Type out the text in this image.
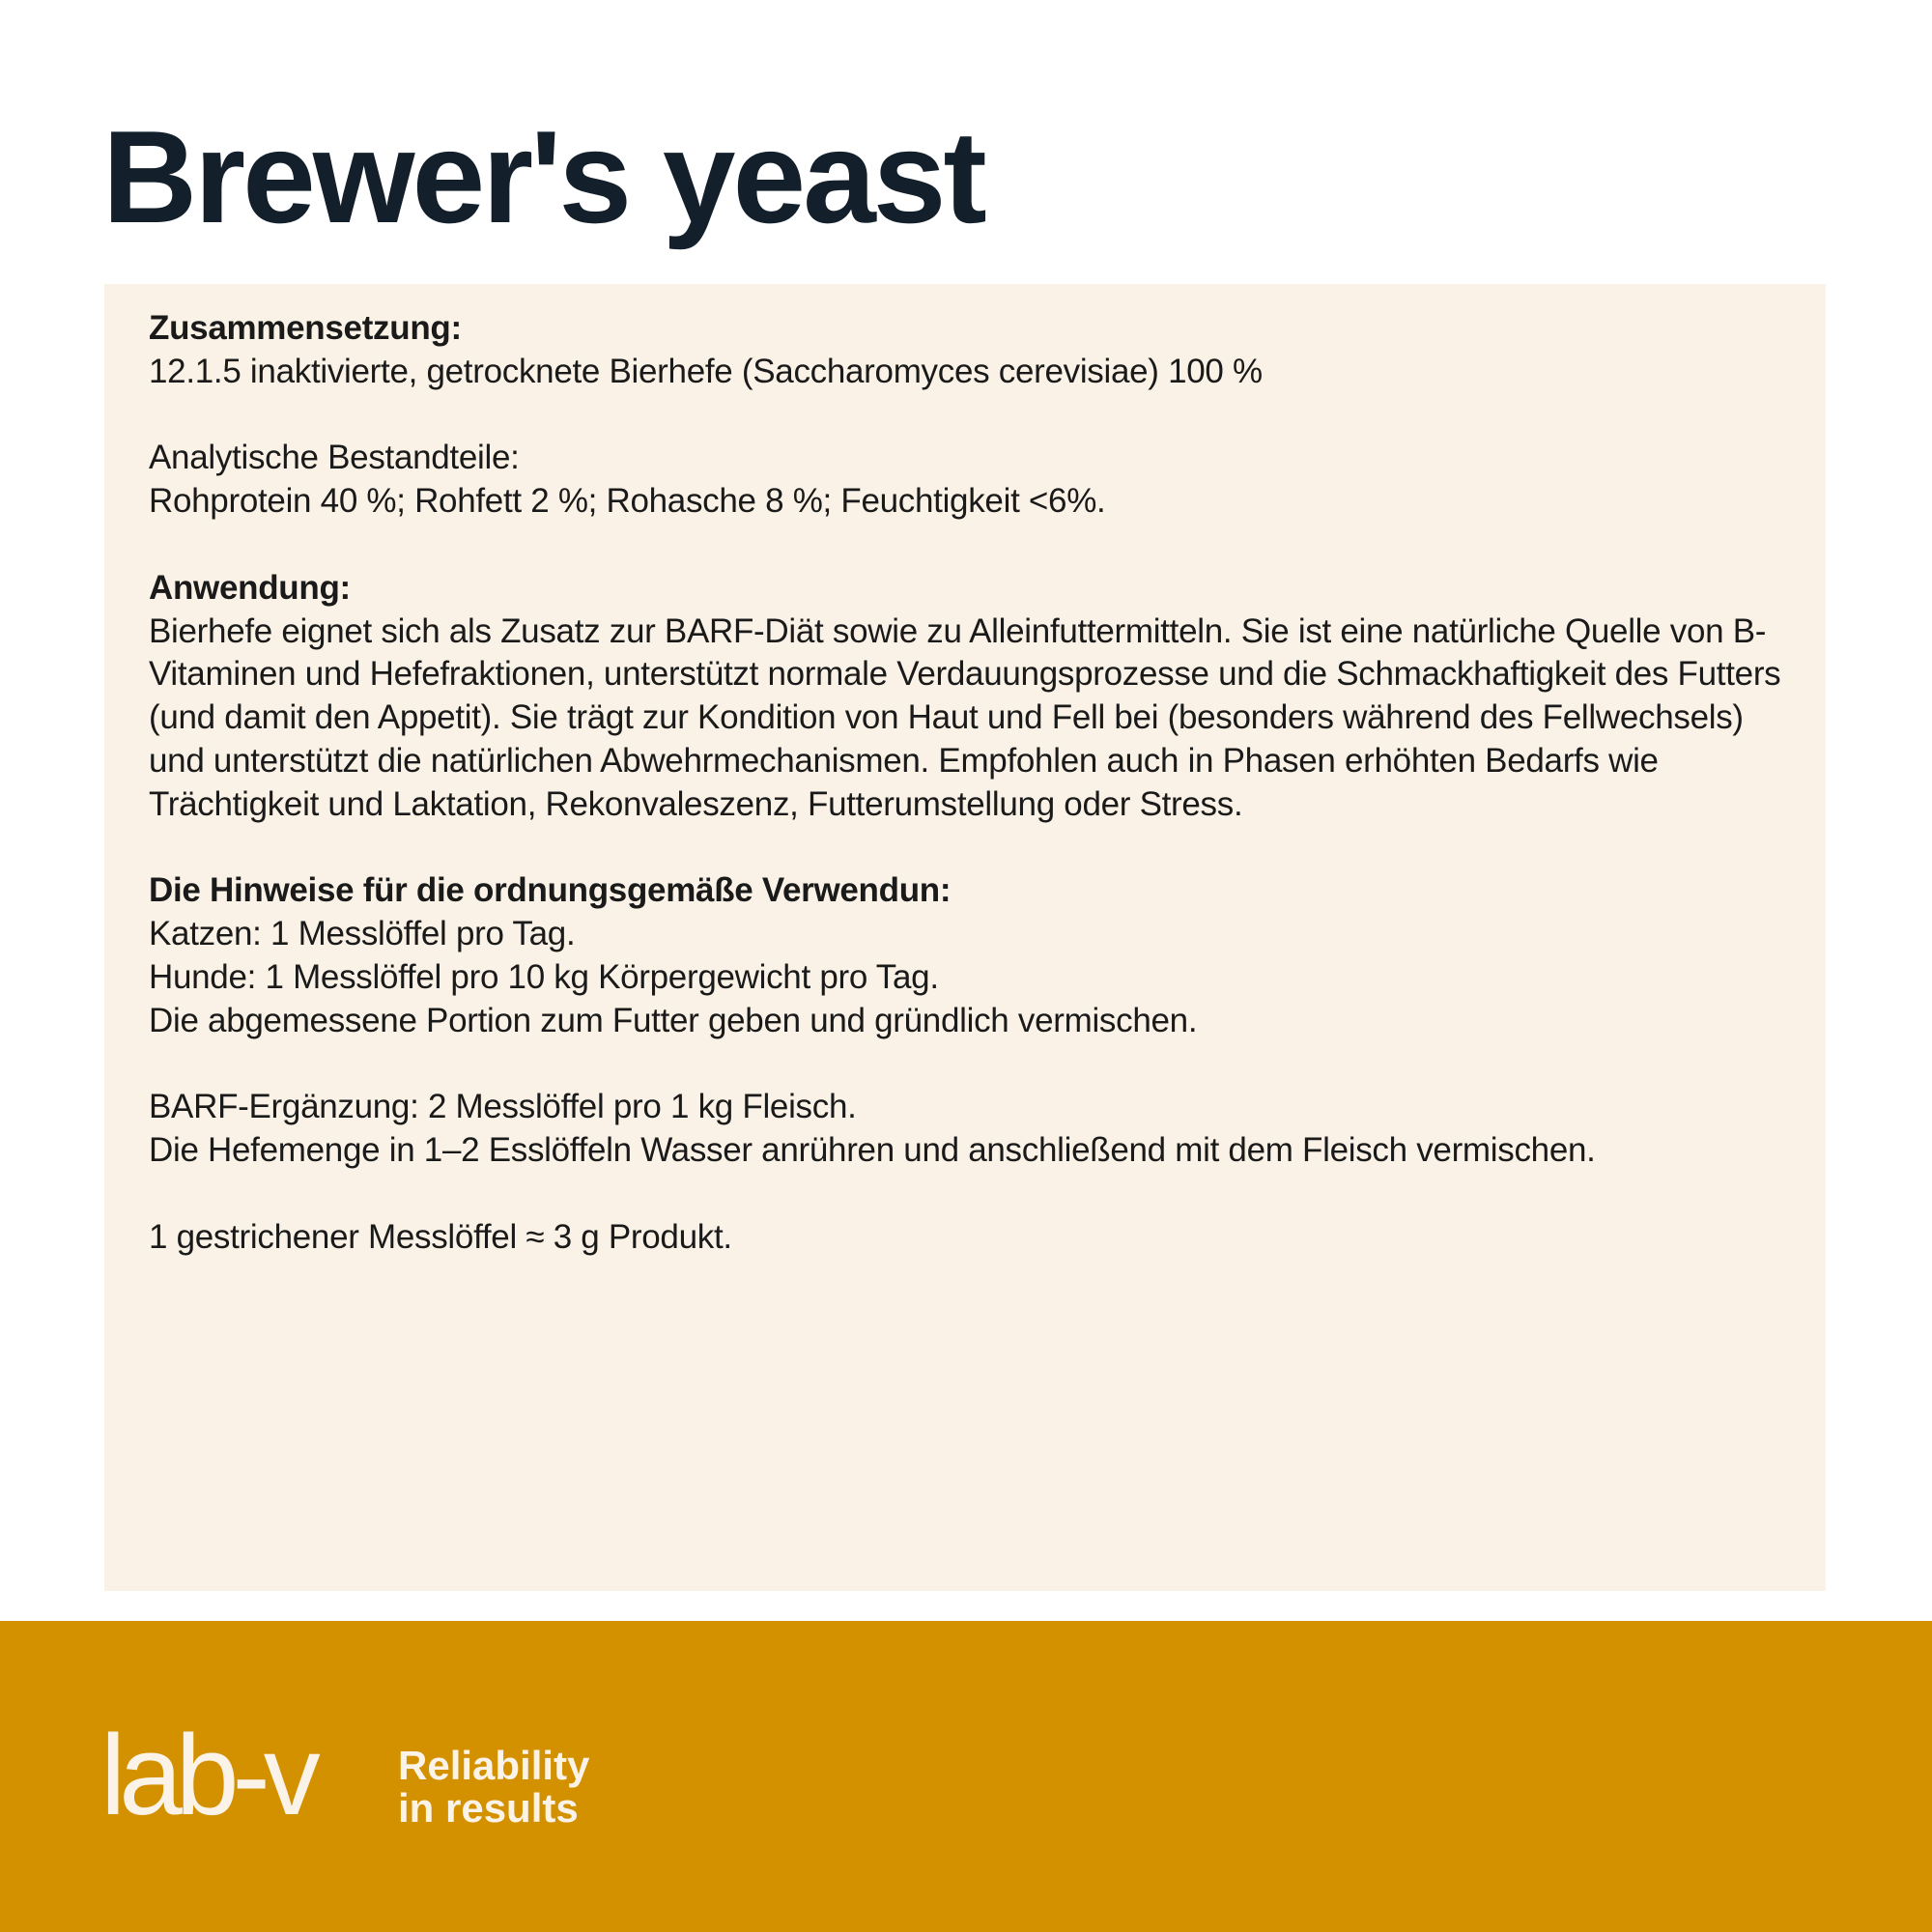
Brewer's yeast
Zusammensetzung:
12.1.5 inaktivierte, getrocknete Bierhefe (Saccharomyces cerevisiae) 100 %
Analytische Bestandteile:
Rohprotein 40 %; Rohfett 2 %; Rohasche 8 %; Feuchtigkeit <6%.
Anwendung:
Bierhefe eignet sich als Zusatz zur BARF-Diät sowie zu Alleinfuttermitteln. Sie ist eine natürliche Quelle von B-Vitaminen und Hefefraktionen, unterstützt normale Verdauungsprozesse und die Schmackhaftigkeit des Futters (und damit den Appetit). Sie trägt zur Kondition von Haut und Fell bei (besonders während des Fellwechsels) und unterstützt die natürlichen Abwehrmechanismen. Empfohlen auch in Phasen erhöhten Bedarfs wie Trächtigkeit und Laktation, Rekonvaleszenz, Futterumstellung oder Stress.
Die Hinweise für die ordnungsgemäße Verwendun:
Katzen: 1 Messlöffel pro Tag.
Hunde: 1 Messlöffel pro 10 kg Körpergewicht pro Tag.
Die abgemessene Portion zum Futter geben und gründlich vermischen.
BARF-Ergänzung: 2 Messlöffel pro 1 kg Fleisch.
Die Hefemenge in 1–2 Esslöffeln Wasser anrühren und anschließend mit dem Fleisch vermischen.
1 gestrichener Messlöffel ≈ 3 g Produkt.
lab-v Reliability
in results
